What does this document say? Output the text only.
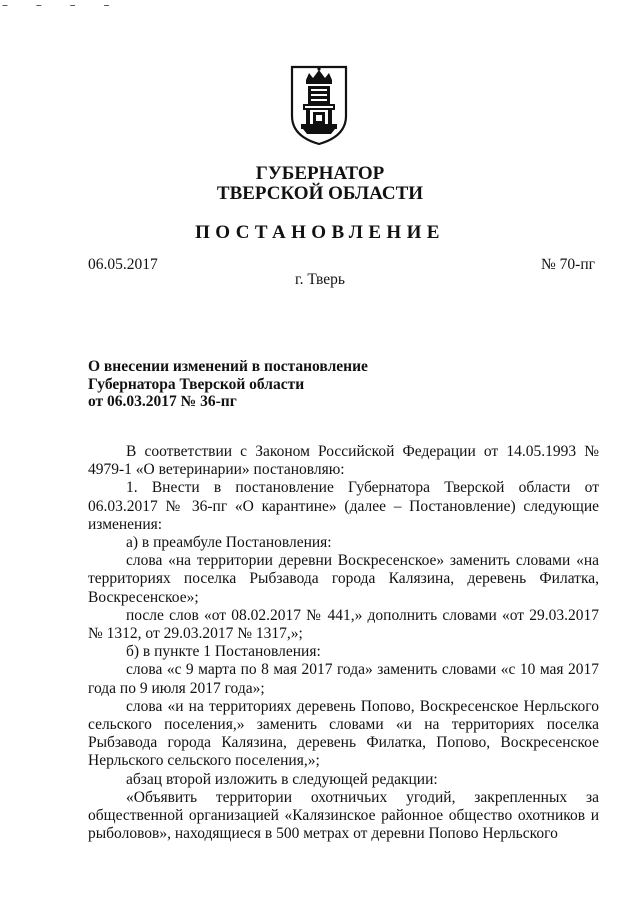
– – – –
ГУБЕРНАТОР
ТВЕРСКОЙ ОБЛАСТИ
ПОСТАНОВЛЕНИЕ
06.05.2017	№ 70-пг
г. Тверь
О внесении изменений в постановление
Губернатора Тверской области
от 06.03.2017 № 36-пг

В соответствии с Законом Российской Федерации от 14.05.1993 № 4979-1 «О ветеринарии» постановляю:

1. Внести в постановление Губернатора Тверской области от 06.03.2017 № 36-пг «О карантине» (далее – Постановление) следующие изменения:

а) в преамбуле Постановления:

слова «на территории деревни Воскресенское» заменить словами «на территориях поселка Рыбзавода города Калязина, деревень Филатка, Воскресенское»;

после слов «от 08.02.2017 № 441,» дополнить словами «от 29.03.2017 № 1312, от 29.03.2017 № 1317,»;

б) в пункте 1 Постановления:

слова «с 9 марта по 8 мая 2017 года» заменить словами «с 10 мая 2017 года по 9 июля 2017 года»;

слова «и на территориях деревень Попово, Воскресенское Нерльского сельского поселения,» заменить словами «и на территориях поселка Рыбзавода города Калязина, деревень Филатка, Попово, Воскресенское Нерльского сельского поселения,»;

абзац второй изложить в следующей редакции:

«Объявить территории охотничьих угодий, закрепленных за общественной организацией «Калязинское районное общество охотников и рыболовов», находящиеся в 500 метрах от деревни Попово Нерльского
